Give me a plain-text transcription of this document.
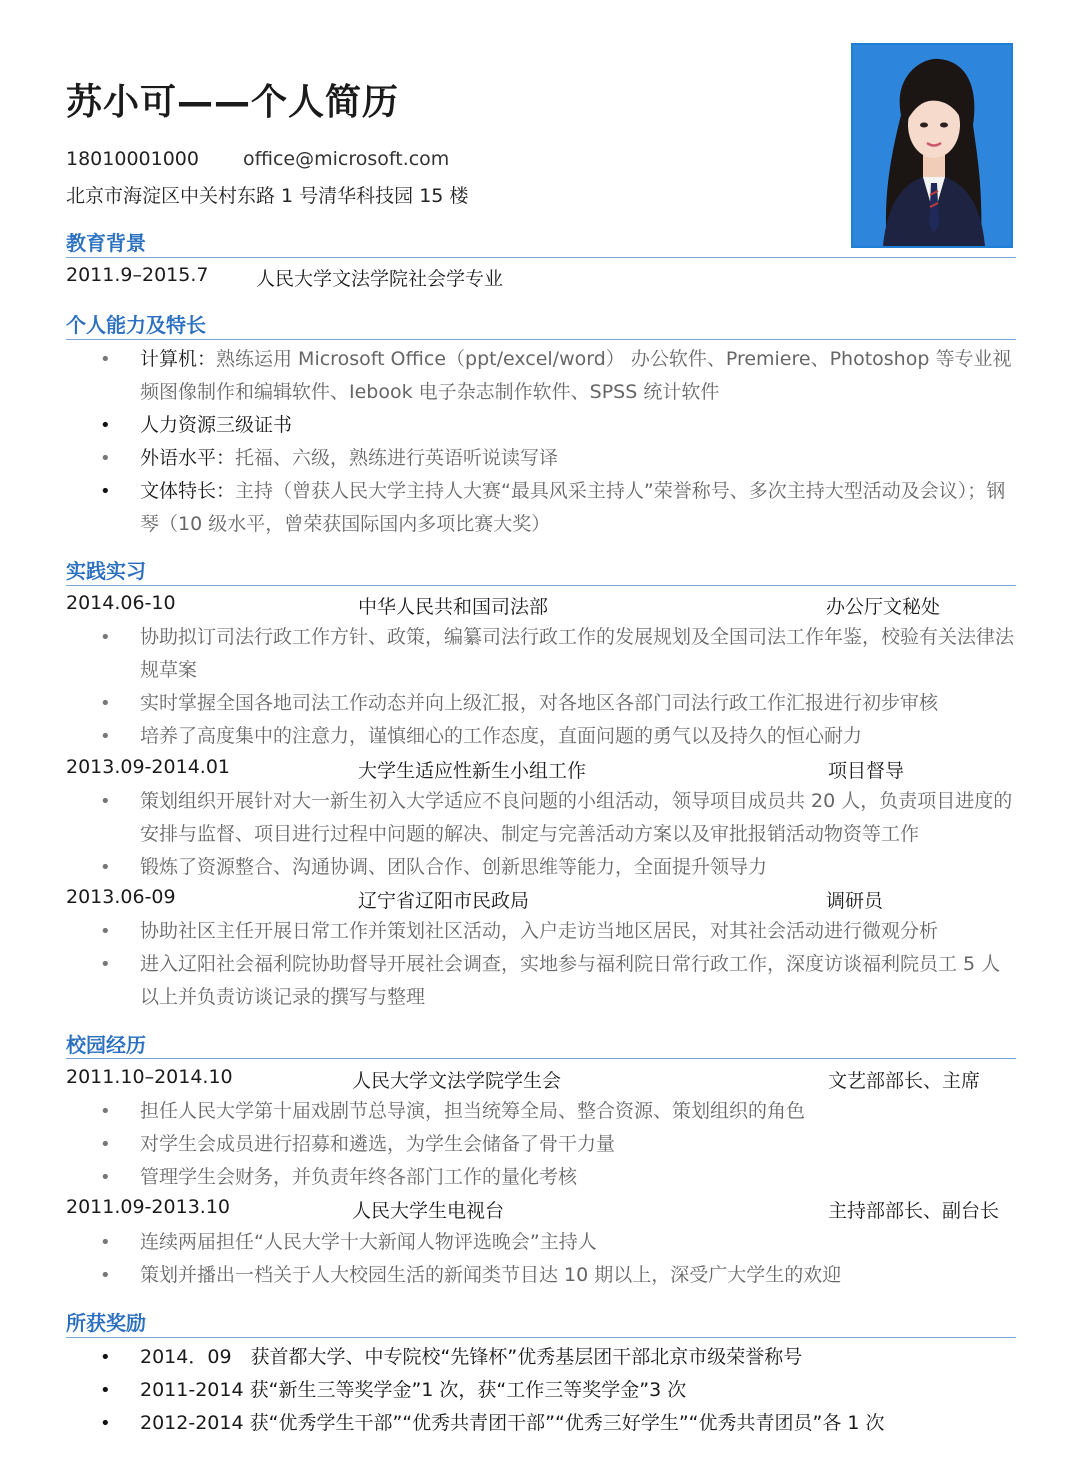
苏小可——个人简历
18010001000 office@microsoft.com
北京市海淀区中关村东路 1 号清华科技园 15 楼
教育背景
2011.9–2015.7	人民大学文法学院社会学专业
个人能力及特长
•	计算机：熟练运用 Microsoft Office（ppt/excel/word） 办公软件、Premiere、Photoshop 等专业视频图像制作和编辑软件、Iebook 电子杂志制作软件、SPSS 统计软件
•	人力资源三级证书
•	外语水平：托福、六级，熟练进行英语听说读写译
•	文体特长：主持（曾获人民大学主持人大赛“最具风采主持人”荣誉称号、多次主持大型活动及会议）；钢琴（10 级水平，曾荣获国际国内多项比赛大奖）
实践实习
2014.06-10	中华人民共和国司法部	办公厅文秘处
•	协助拟订司法行政工作方针、政策，编纂司法行政工作的发展规划及全国司法工作年鉴，校验有关法律法规草案
•	实时掌握全国各地司法工作动态并向上级汇报，对各地区各部门司法行政工作汇报进行初步审核
•	培养了高度集中的注意力，谨慎细心的工作态度，直面问题的勇气以及持久的恒心耐力
2013.09-2014.01	大学生适应性新生小组工作	项目督导
•	策划组织开展针对大一新生初入大学适应不良问题的小组活动，领导项目成员共 20 人，负责项目进度的安排与监督、项目进行过程中问题的解决、制定与完善活动方案以及审批报销活动物资等工作
•	锻炼了资源整合、沟通协调、团队合作、创新思维等能力，全面提升领导力
2013.06-09	辽宁省辽阳市民政局	调研员
•	协助社区主任开展日常工作并策划社区活动，入户走访当地区居民，对其社会活动进行微观分析
•	进入辽阳社会福利院协助督导开展社会调查，实地参与福利院日常行政工作，深度访谈福利院员工 5 人以上并负责访谈记录的撰写与整理
校园经历
2011.10–2014.10	人民大学文法学院学生会	文艺部部长、主席
•	担任人民大学第十届戏剧节总导演，担当统筹全局、整合资源、策划组织的角色
•	对学生会成员进行招募和遴选，为学生会储备了骨干力量
•	管理学生会财务，并负责年终各部门工作的量化考核
2011.09-2013.10	人民大学生电视台	主持部部长、副台长
•	连续两届担任“人民大学十大新闻人物评选晚会”主持人
•	策划并播出一档关于人大校园生活的新闻类节目达 10 期以上，深受广大学生的欢迎
所获奖励
•	2014．09　获首都大学、中专院校“先锋杯”优秀基层团干部北京市级荣誉称号
•	2011-2014 获“新生三等奖学金”1 次，获“工作三等奖学金”3 次
•	2012-2014 获“优秀学生干部”“优秀共青团干部”“优秀三好学生”“优秀共青团员”各 1 次
